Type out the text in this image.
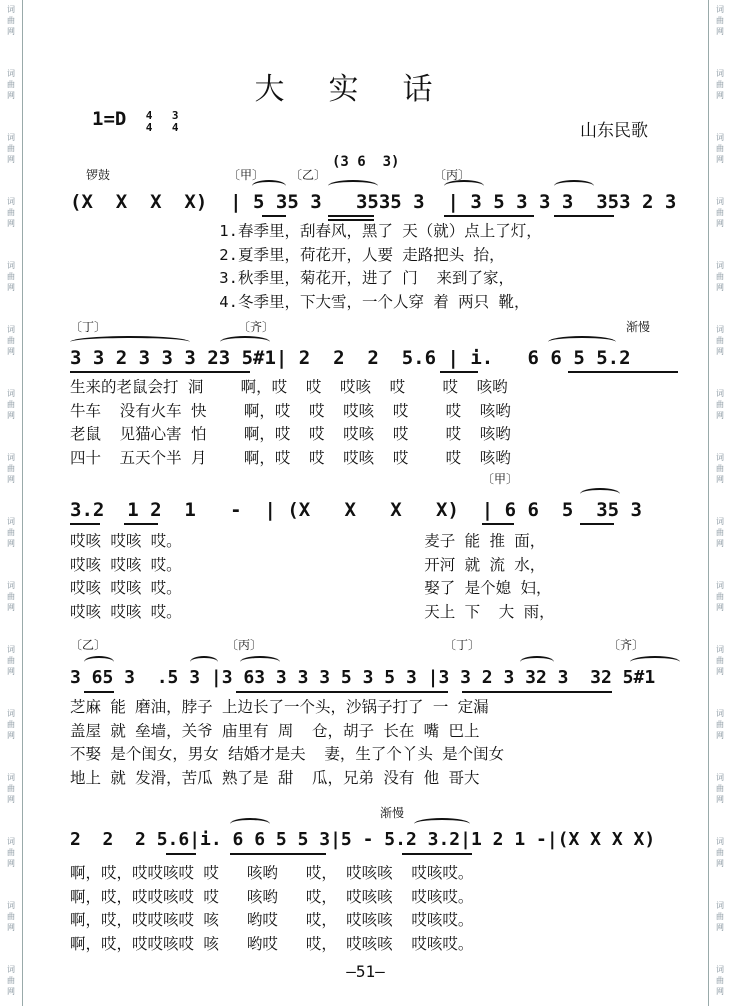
词
曲
网
词
曲
网
词
曲
网
词
曲
网
词
曲
网
词
曲
网
词
曲
网
词
曲
网
词
曲
网
词
曲
网
词
曲
网
词
曲
网
词
曲
网
词
曲
网
词
曲
网
词
曲
网
词
曲
网
词
曲
网
词
曲
网
词
曲
网
词
曲
网
词
曲
网
词
曲
网
词
曲
网
词
曲
网
词
曲
网
词
曲
网
词
曲
网
词
曲
网
词
曲
网
词
曲
网
词
曲
网
大实话
1=D 4
4

3
4	山东民歌
锣鼓	〔甲〕 〔乙〕
(3 6  3)
〔丙〕
(X  X  X  X)  | 5 35 3   3535 3  | 3 5 3 3 3  353 2 3
1.春季里，刮春风，黑了 天（就）点上了灯，
2.夏季里，荷花开，人要 走路把头 抬，
3.秋季里，菊花开，进了 门  来到了家，
4.冬季里，下大雪，一个人穿 着 两只 靴，
〔丁〕	〔齐〕	渐慢
3 3 2 3 3 3 23 5#1| 2  2  2  5.6 | i.   6 6 5 5.2
生来的老鼠会打 洞    啊，哎  哎  哎咳  哎    哎  咳哟
牛车  没有火车 快    啊，哎  哎  哎咳  哎    哎  咳哟
老鼠  见猫心害 怕    啊，哎  哎  哎咳  哎    哎  咳哟
四十  五天个半 月    啊，哎  哎  哎咳  哎    哎  咳哟
〔甲〕
3.2  1 2  1   -  | (X   X   X   X)  | 6 6  5  35 3
哎咳 哎咳 哎。                          麦子 能 推 面，
哎咳 哎咳 哎。                          开河 就 流 水，
哎咳 哎咳 哎。                          娶了 是个媳 妇，
哎咳 哎咳 哎。                          天上 下  大 雨，
〔乙〕	〔丙〕	〔丁〕	〔齐〕
3 65 3  .5 3 |3 63 3 3 3 5 3 5 3 |3 3 2 3 32 3  32 5#1
芝麻 能 磨油，脖子 上边长了一个头，沙锅子打了 一 定漏
盖屋 就 垒墙，关爷 庙里有 周  仓，胡子 长在 嘴 巴上
不娶 是个闺女，男女 结婚才是夫  妻，生了个丫头 是个闺女
地上 就 发滑，苦瓜 熟了是 甜  瓜，兄弟 没有 他 哥大
渐慢
2  2  2 5.6|i. 6 6 5 5 3|5 - 5.2 3.2|1 2 1 -|(X X X X)
啊，哎，哎哎咳哎 哎   咳哟   哎， 哎咳咳  哎咳哎。
啊，哎，哎哎咳哎 哎   咳哟   哎， 哎咳咳  哎咳哎。
啊，哎，哎哎咳哎 咳   哟哎   哎， 哎咳咳  哎咳哎。
啊，哎，哎哎咳哎 咳   哟哎   哎， 哎咳咳  哎咳哎。
—51—
